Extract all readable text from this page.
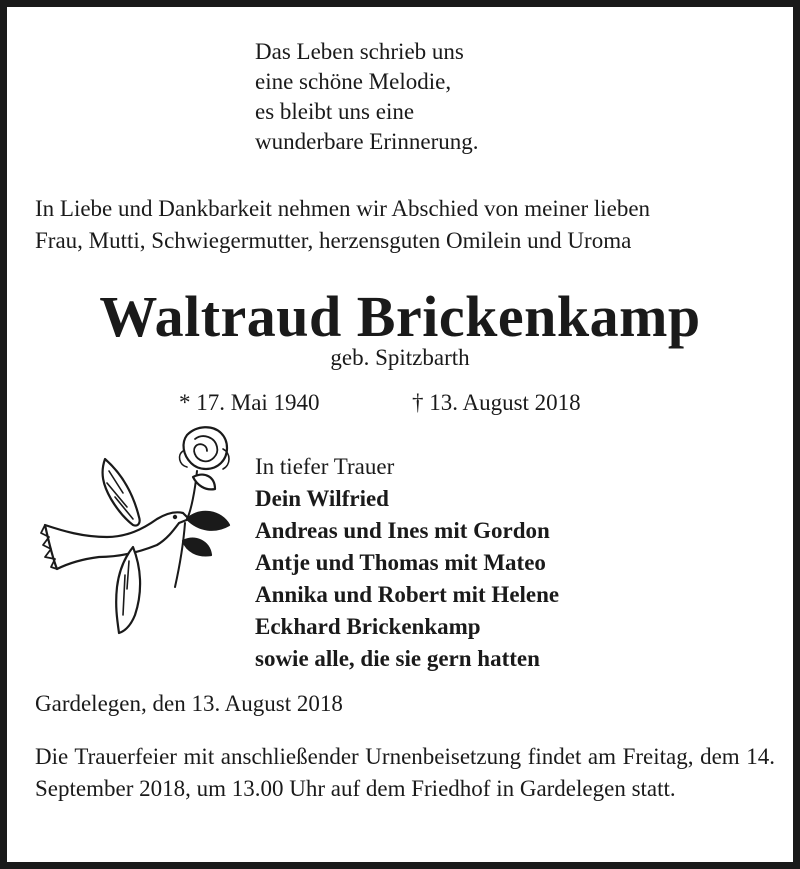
Das Leben schrieb uns
eine schöne Melodie,
es bleibt uns eine
wunderbare Erinnerung.
In Liebe und Dankbarkeit nehmen wir Abschied von meiner lieben
Frau, Mutti, Schwiegermutter, herzensguten Omilein und Uroma
Waltraud Brickenkamp
geb. Spitzbarth
* 17. Mai 1940	† 13. August 2018
In tiefer Trauer
Dein Wilfried
Andreas und Ines mit Gordon
Antje und Thomas mit Mateo
Annika und Robert mit Helene
Eckhard Brickenkamp
sowie alle, die sie gern hatten
Gardelegen, den 13. August 2018
Die Trauerfeier mit anschließender Urnenbeisetzung findet am Freitag, dem 14. September 2018, um 13.00 Uhr auf dem Friedhof in Gardelegen statt.
